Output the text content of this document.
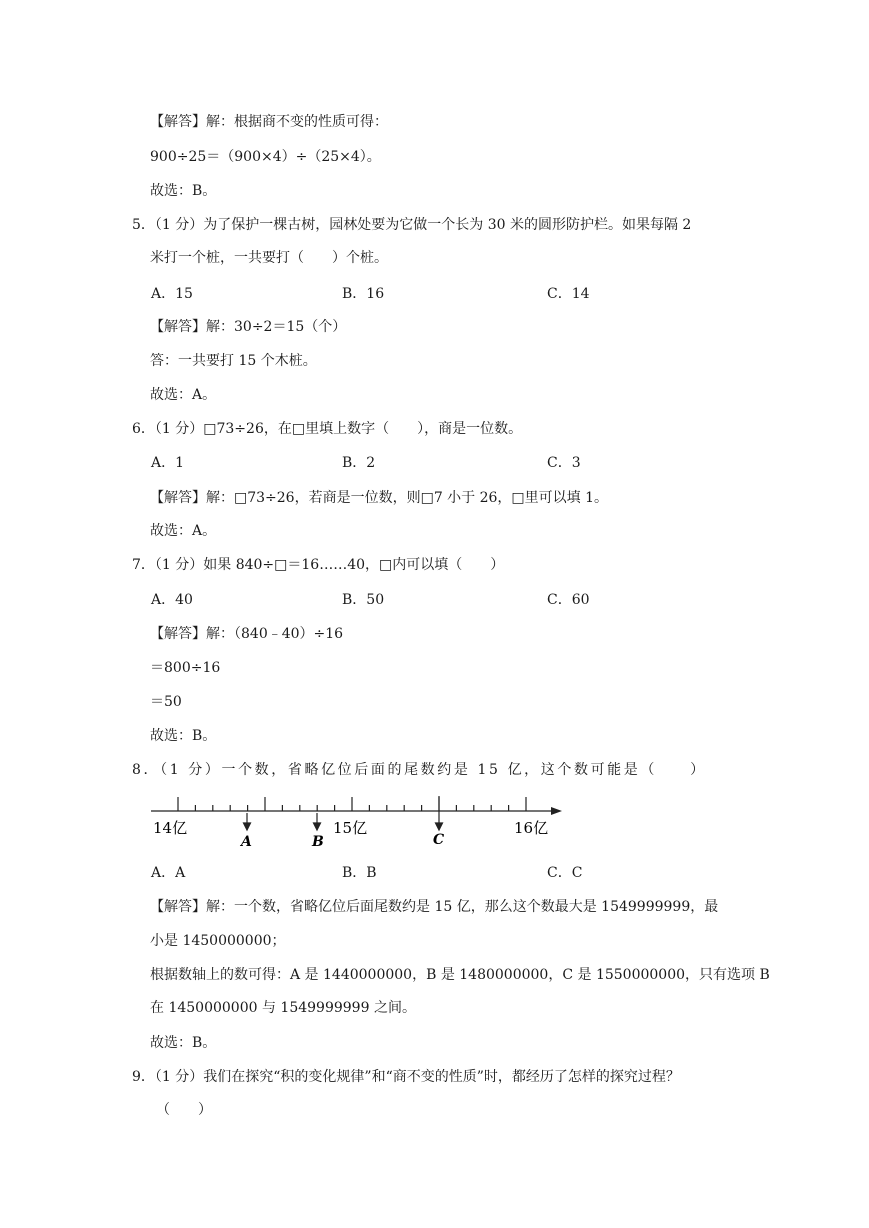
【解答】解：根据商不变的性质可得：
900÷25＝（900×4）÷（25×4）。
故选：B。
5．（1 分）为了保护一棵古树，园林处要为它做一个长为 30 米的圆形防护栏。如果每隔 2
米打一个桩，一共要打（　　）个桩。
A．15	B．16	C．14
【解答】解：30÷2＝15（个）
答：一共要打 15 个木桩。
故选：A。
6．（1 分）□73÷26，在□里填上数字（　　），商是一位数。
A．1	B．2	C．3
【解答】解：□73÷26，若商是一位数，则□7 小于 26，□里可以填 1。
故选：A。
7．（1 分）如果 840÷□＝16……40，□内可以填（　　）
A．40	B．50	C．60
【解答】解：（840﹣40）÷16
＝800÷16
＝50
故选：B。
8．（1 分）一个数，省略亿位后面的尾数约是 15 亿，这个数可能是（　　）
14亿	15亿	16亿
A	B	C
A．A	B．B	C．C
【解答】解：一个数，省略亿位后面尾数约是 15 亿，那么这个数最大是 1549999999，最
小是 1450000000；
根据数轴上的数可得：A 是 1440000000，B 是 1480000000，C 是 1550000000，只有选项 B
在 1450000000 与 1549999999 之间。
故选：B。
9．（1 分）我们在探究“积的变化规律”和“商不变的性质”时，都经历了怎样的探究过程？
（　　）
